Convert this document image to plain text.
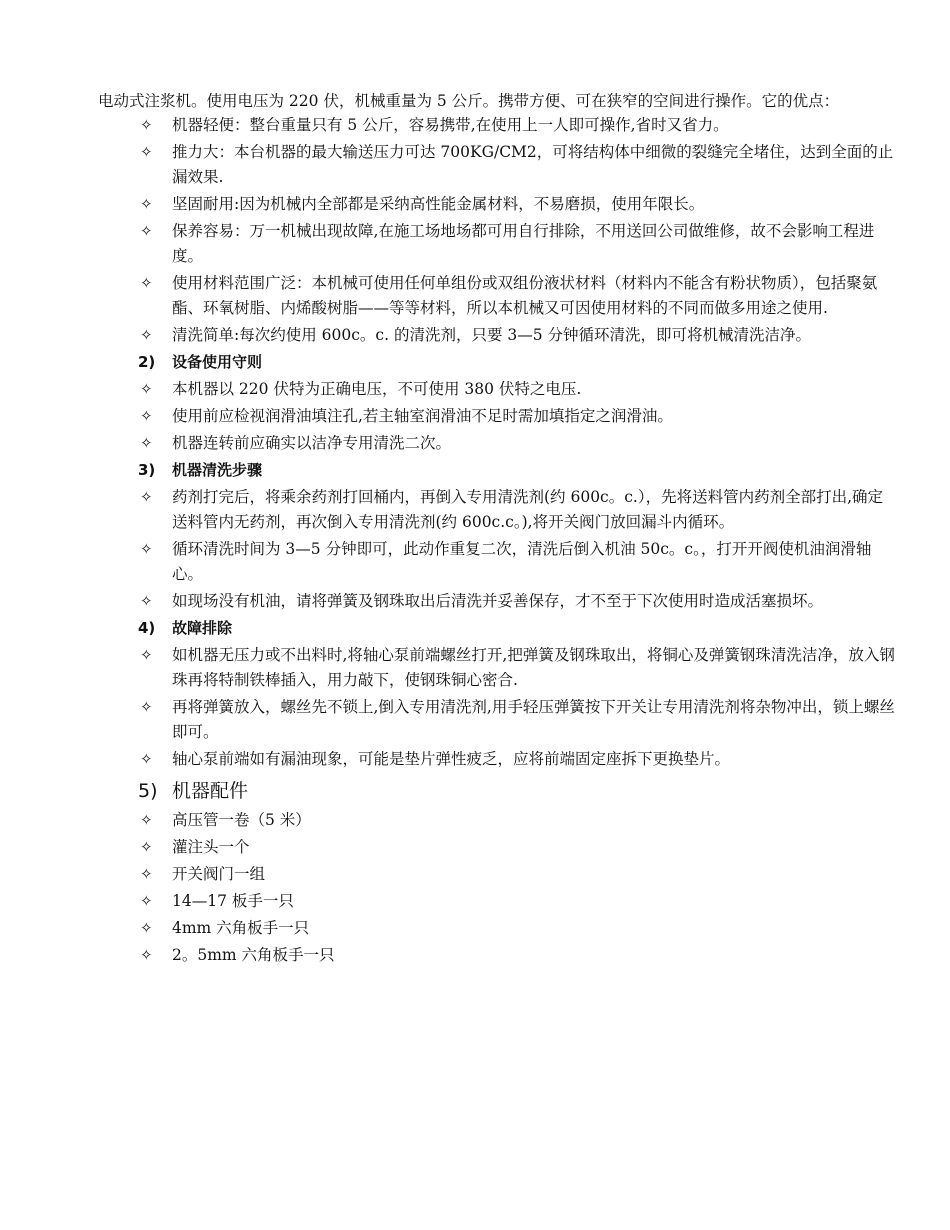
电动式注浆机。使用电压为 220 伏，机械重量为 5 公斤。携带方便、可在狭窄的空间进行操作。它的优点：

✧ 机器轻便：整台重量只有 5 公斤，容易携带,在使用上一人即可操作,省时又省力。
✧ 推力大：本台机器的最大输送压力可达 700KG/CM2，可将结构体中细微的裂缝完全堵住，达到全面的止漏效果.
✧ 坚固耐用:因为机械内全部都是采纳高性能金属材料，不易磨损，使用年限长。
✧ 保养容易：万一机械出现故障,在施工场地场都可用自行排除，不用送回公司做维修，故不会影响工程进度。
✧ 使用材料范围广泛：本机械可使用任何单组份或双组份液状材料（材料内不能含有粉状物质），包括聚氨酯、环氧树脂、内烯酸树脂——等等材料，所以本机械又可因使用材料的不同而做多用途之使用.
✧ 清洗简单:每次约使用 600c。c. 的清洗剂，只要 3—5 分钟循环清洗，即可将机械清洗洁净。
2) 设备使用守则
✧ 本机器以 220 伏特为正确电压，不可使用 380 伏特之电压.
✧ 使用前应检视润滑油填注孔,若主轴室润滑油不足时需加填指定之润滑油。
✧ 机器连转前应确实以洁净专用清洗二次。
3) 机器清洗步骤
✧ 药剂打完后，将乘余药剂打回桶内，再倒入专用清洗剂(约 600c。c.），先将送料管内药剂全部打出,确定送料管内无药剂，再次倒入专用清洗剂(约 600c.c。),将开关阀门放回漏斗内循环。
✧ 循环清洗时间为 3—5 分钟即可，此动作重复二次，清洗后倒入机油 50c。c。，打开开阀使机油润滑轴心。
✧ 如现场没有机油，请将弹簧及钢珠取出后清洗并妥善保存，才不至于下次使用时造成活塞损坏。
4) 故障排除
✧ 如机器无压力或不出料时,将轴心泵前端螺丝打开,把弹簧及钢珠取出，将铜心及弹簧钢珠清洗洁净，放入钢珠再将特制铁棒插入，用力敲下，使钢珠铜心密合.
✧ 再将弹簧放入，螺丝先不锁上,倒入专用清洗剂,用手轻压弹簧按下开关让专用清洗剂将杂物冲出，锁上螺丝即可。
✧ 轴心泵前端如有漏油现象，可能是垫片弹性疲乏，应将前端固定座拆下更换垫片。
5) 机器配件
✧ 高压管一卷（5 米）
✧ 灌注头一个
✧ 开关阀门一组
✧ 14—17 板手一只
✧ 4mm 六角板手一只
✧ 2。5mm 六角板手一只
